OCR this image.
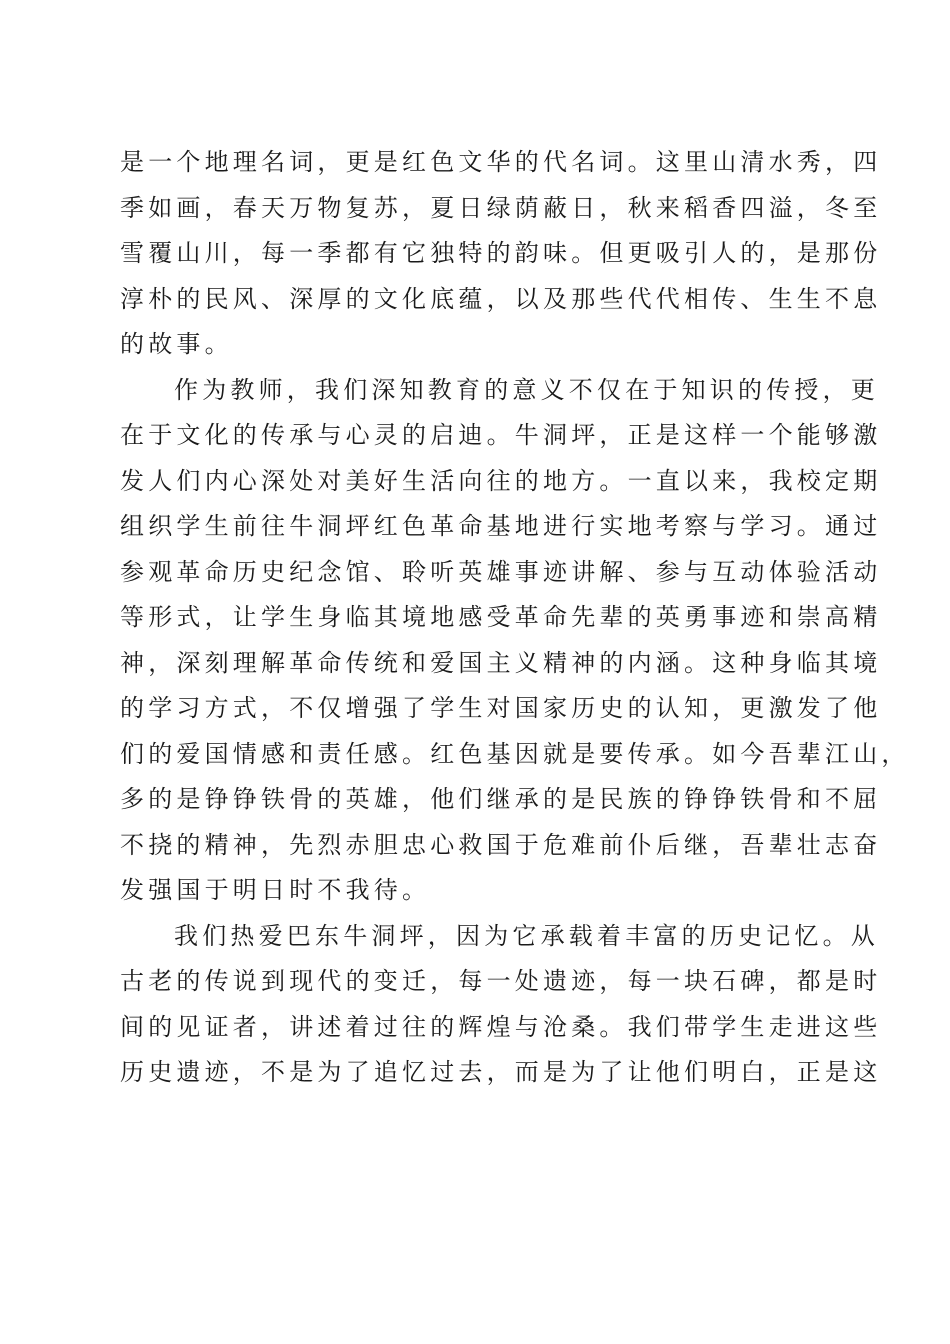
是一个地理名词，更是红色文华的代名词。这里山清水秀，四
季如画，春天万物复苏，夏日绿荫蔽日，秋来稻香四溢，冬至
雪覆山川，每一季都有它独特的韵味。但更吸引人的，是那份
淳朴的民风、深厚的文化底蕴，以及那些代代相传、生生不息
的故事。
作为教师，我们深知教育的意义不仅在于知识的传授，更
在于文化的传承与心灵的启迪。牛洞坪，正是这样一个能够激
发人们内心深处对美好生活向往的地方。一直以来，我校定期
组织学生前往牛洞坪红色革命基地进行实地考察与学习。通过
参观革命历史纪念馆、聆听英雄事迹讲解、参与互动体验活动
等形式，让学生身临其境地感受革命先辈的英勇事迹和崇高精
神，深刻理解革命传统和爱国主义精神的内涵。这种身临其境
的学习方式，不仅增强了学生对国家历史的认知，更激发了他
们的爱国情感和责任感。红色基因就是要传承。如今吾辈江山，
多的是铮铮铁骨的英雄，他们继承的是民族的铮铮铁骨和不屈
不挠的精神，先烈赤胆忠心救国于危难前仆后继，吾辈壮志奋
发强国于明日时不我待。
我们热爱巴东牛洞坪，因为它承载着丰富的历史记忆。从
古老的传说到现代的变迁，每一处遗迹，每一块石碑，都是时
间的见证者，讲述着过往的辉煌与沧桑。我们带学生走进这些
历史遗迹，不是为了追忆过去，而是为了让他们明白，正是这
